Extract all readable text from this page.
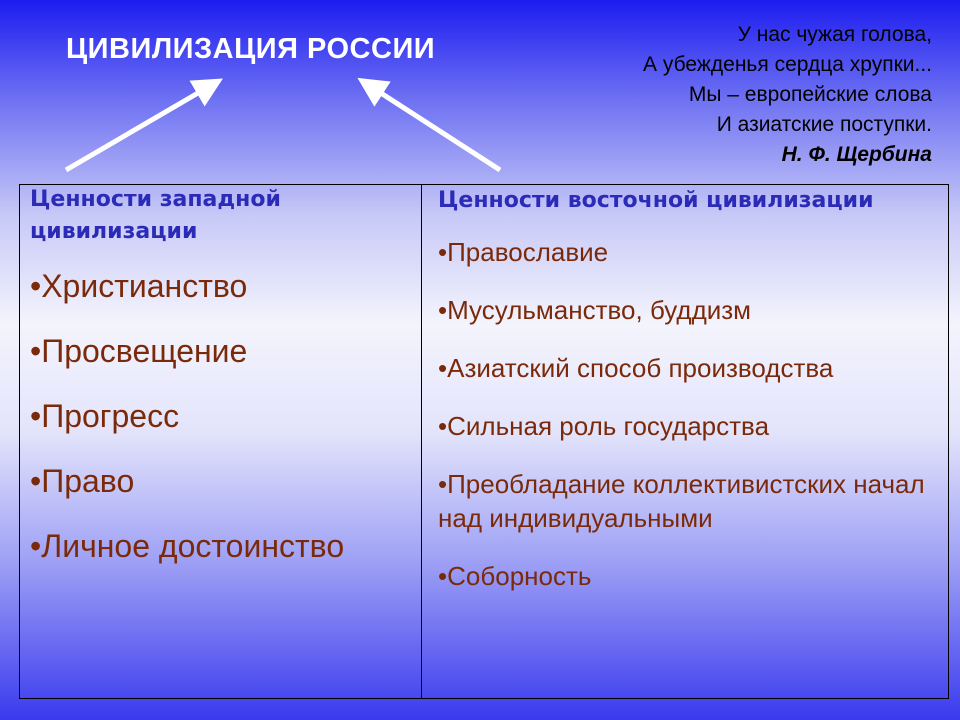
ЦИВИЛИЗАЦИЯ РОССИИ	У нас чужая голова,
А убежденья сердца хрупки...
Мы – европейские слова
И азиатские поступки.
Н. Ф. Щербина
Ценности западной цивилизации
•Христианство
•Просвещение
•Прогресс
•Право
•Личное достоинство
Ценности восточной цивилизации
•Православие
•Мусульманство, буддизм
•Азиатский способ производства
•Сильная роль государства
•Преобладание коллективистских начал над индивидуальными
•Соборность
